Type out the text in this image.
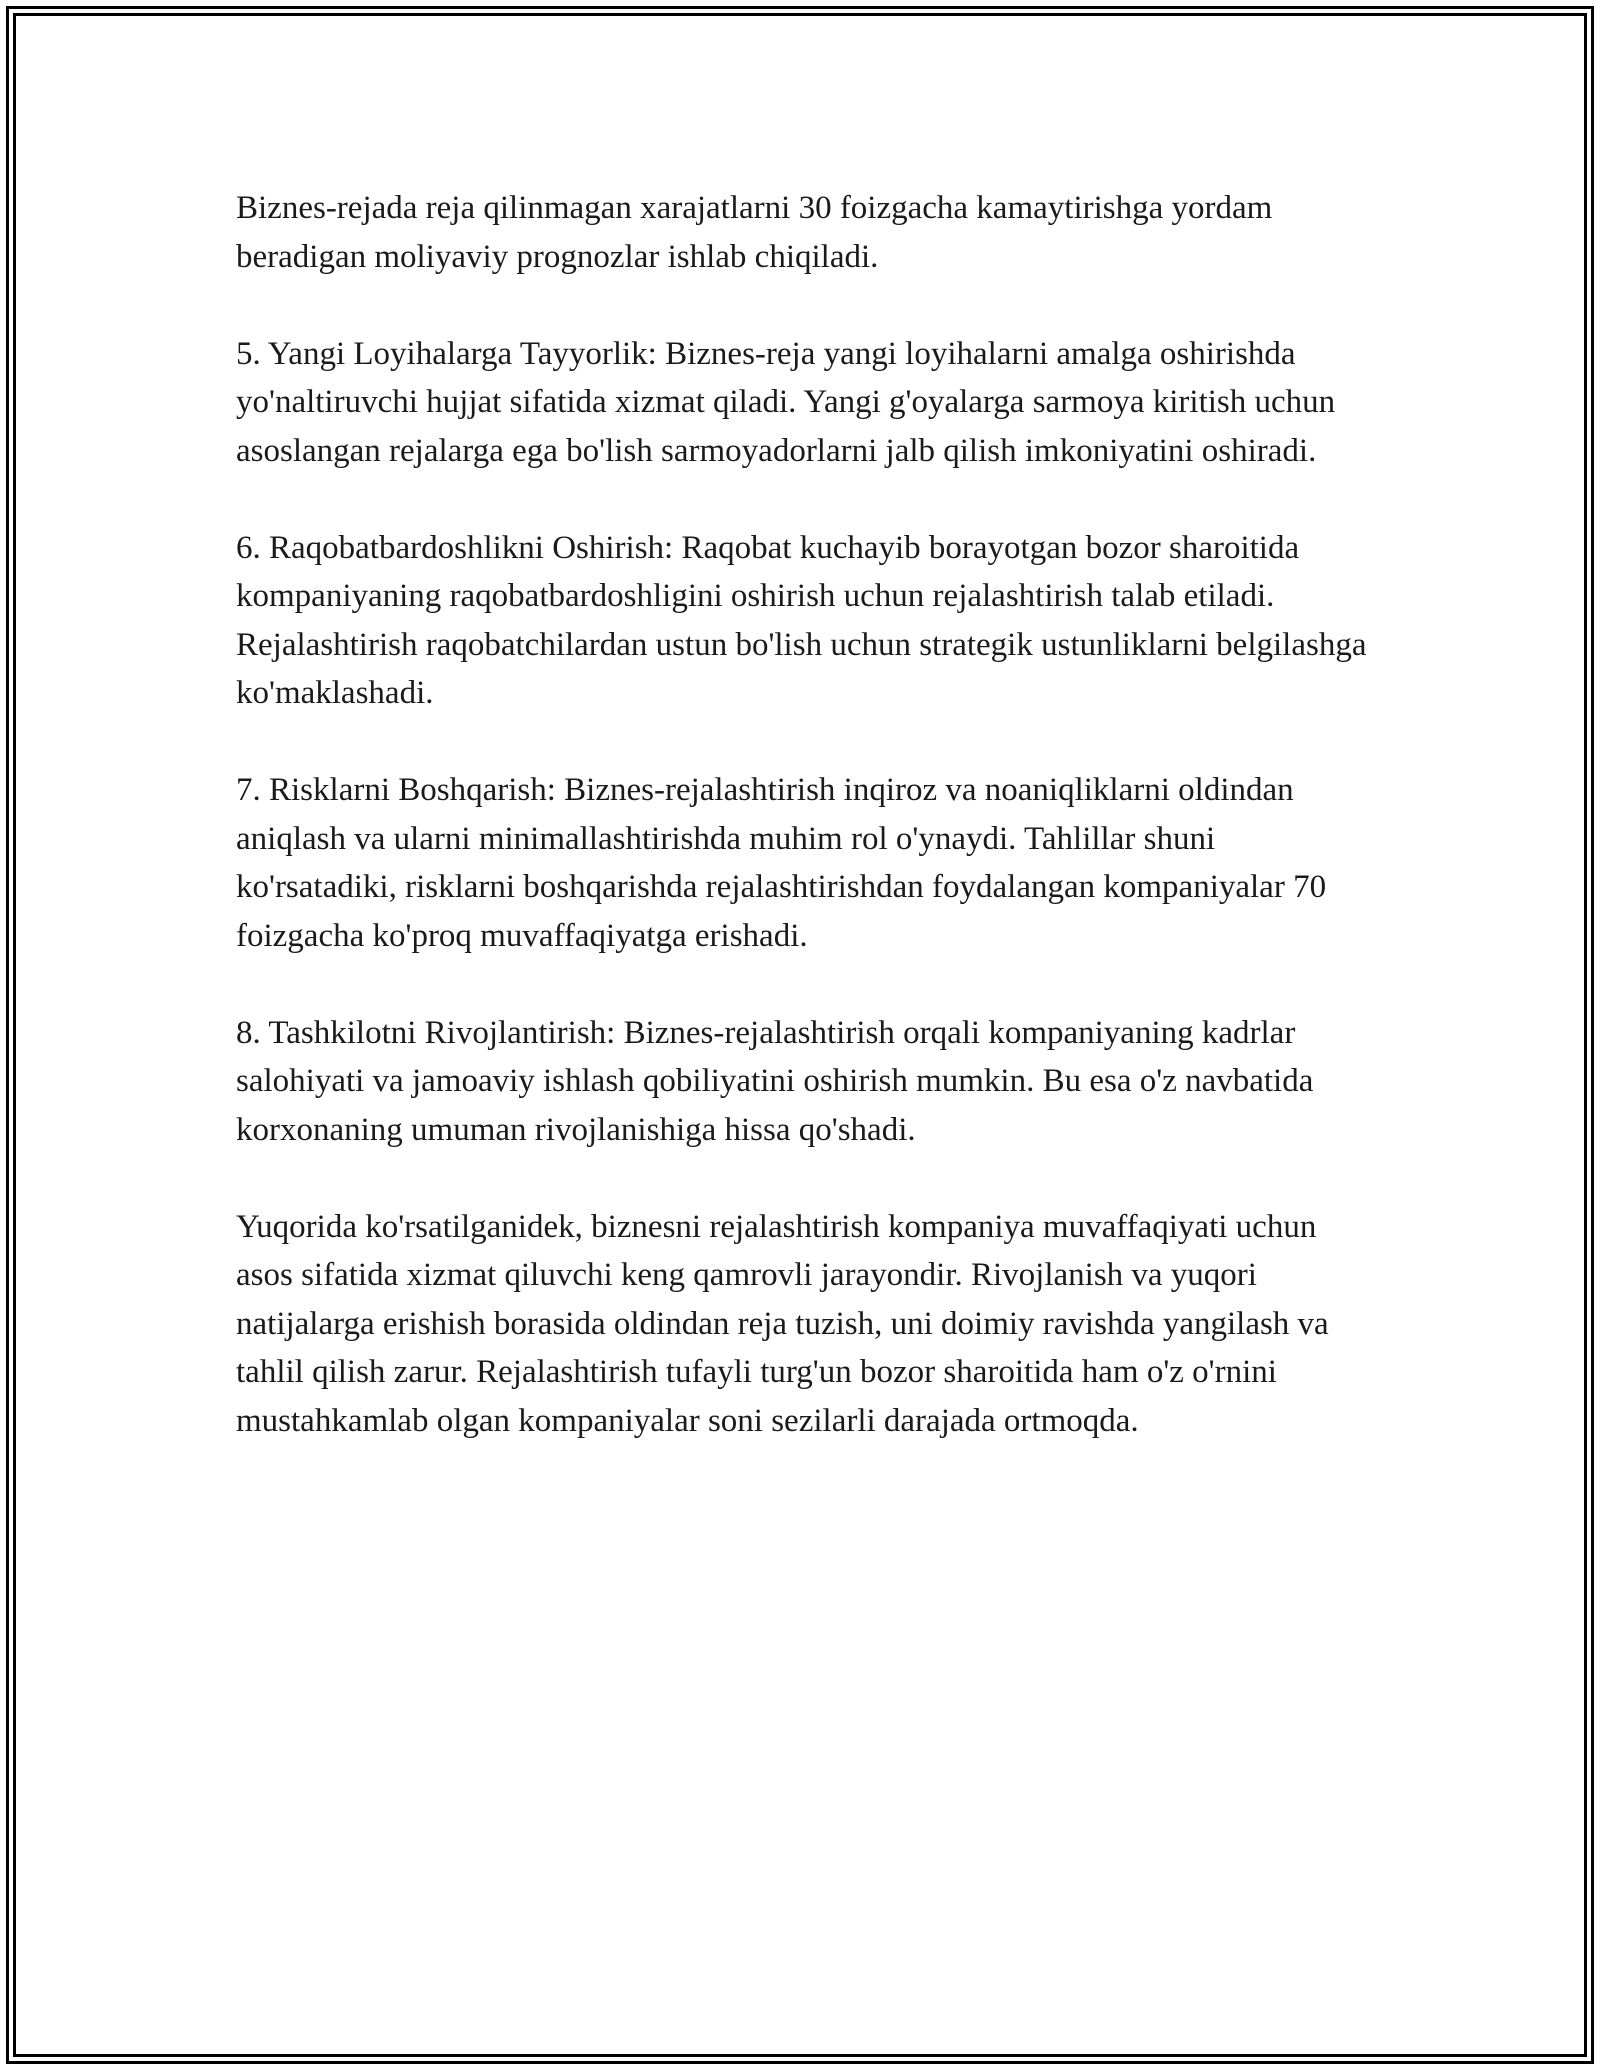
Biznes-rejada reja qilinmagan xarajatlarni 30 foizgacha kamaytirishga yordam beradigan moliyaviy prognozlar ishlab chiqiladi.

5. Yangi Loyihalarga Tayyorlik: Biznes-reja yangi loyihalarni amalga oshirishda yo'naltiruvchi hujjat sifatida xizmat qiladi. Yangi g'oyalarga sarmoya kiritish uchun asoslangan rejalarga ega bo'lish sarmoyadorlarni jalb qilish imkoniyatini oshiradi.

6. Raqobatbardoshlikni Oshirish: Raqobat kuchayib borayotgan bozor sharoitida kompaniyaning raqobatbardoshligini oshirish uchun rejalashtirish talab etiladi. Rejalashtirish raqobatchilardan ustun bo'lish uchun strategik ustunliklarni belgilashga ko'maklashadi.

7. Risklarni Boshqarish: Biznes-rejalashtirish inqiroz va noaniqliklarni oldindan aniqlash va ularni minimallashtirishda muhim rol o'ynaydi. Tahlillar shuni ko'rsatadiki, risklarni boshqarishda rejalashtirishdan foydalangan kompaniyalar 70 foizgacha ko'proq muvaffaqiyatga erishadi.

8. Tashkilotni Rivojlantirish: Biznes-rejalashtirish orqali kompaniyaning kadrlar salohiyati va jamoaviy ishlash qobiliyatini oshirish mumkin. Bu esa o'z navbatida korxonaning umuman rivojlanishiga hissa qo'shadi.

Yuqorida ko'rsatilganidek, biznesni rejalashtirish kompaniya muvaffaqiyati uchun asos sifatida xizmat qiluvchi keng qamrovli jarayondir. Rivojlanish va yuqori natijalarga erishish borasida oldindan reja tuzish, uni doimiy ravishda yangilash va tahlil qilish zarur. Rejalashtirish tufayli turg'un bozor sharoitida ham o'z o'rnini mustahkamlab olgan kompaniyalar soni sezilarli darajada ortmoqda.
